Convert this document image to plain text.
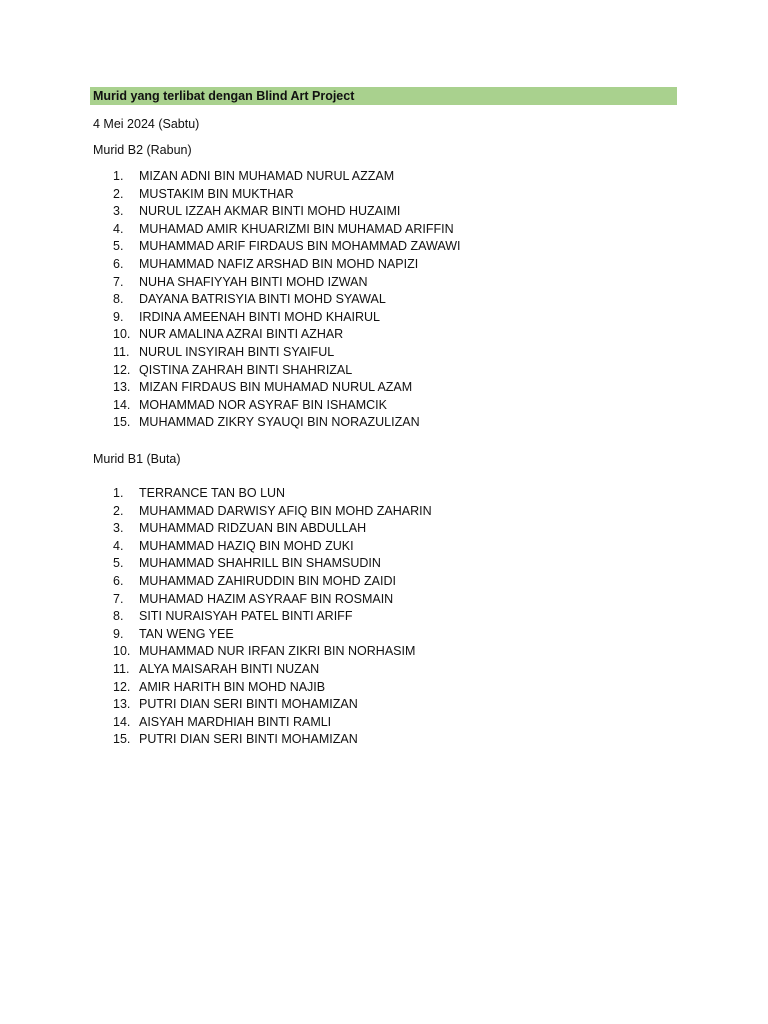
Murid yang terlibat dengan Blind Art Project
4 Mei 2024 (Sabtu)
Murid B2 (Rabun)
1.	MIZAN ADNI BIN MUHAMAD NURUL AZZAM
2.	MUSTAKIM BIN MUKTHAR
3.	NURUL IZZAH AKMAR BINTI MOHD HUZAIMI
4.	MUHAMAD AMIR KHUARIZMI BIN MUHAMAD ARIFFIN
5.	MUHAMMAD ARIF FIRDAUS BIN MOHAMMAD ZAWAWI
6.	MUHAMMAD NAFIZ ARSHAD BIN MOHD NAPIZI
7.	NUHA SHAFIYYAH BINTI MOHD IZWAN
8.	DAYANA BATRISYIA BINTI MOHD SYAWAL
9.	IRDINA AMEENAH BINTI MOHD KHAIRUL
10. NUR AMALINA AZRAI BINTI AZHAR
11. NURUL INSYIRAH BINTI SYAIFUL
12. QISTINA ZAHRAH BINTI SHAHRIZAL
13. MIZAN FIRDAUS BIN MUHAMAD NURUL AZAM
14. MOHAMMAD NOR ASYRAF BIN ISHAMCIK
15. MUHAMMAD ZIKRY SYAUQI BIN NORAZULIZAN
Murid B1 (Buta)
1.	TERRANCE TAN BO LUN
2.	MUHAMMAD DARWISY AFIQ BIN MOHD ZAHARIN
3.	MUHAMMAD RIDZUAN BIN ABDULLAH
4.	MUHAMMAD HAZIQ BIN MOHD ZUKI
5.	MUHAMMAD SHAHRILL BIN SHAMSUDIN
6.	MUHAMMAD ZAHIRUDDIN BIN MOHD ZAIDI
7.	MUHAMAD HAZIM ASYRAAF BIN ROSMAIN
8.	SITI NURAISYAH PATEL BINTI ARIFF
9.	TAN WENG YEE
10. MUHAMMAD NUR IRFAN ZIKRI BIN NORHASIM
11. ALYA MAISARAH BINTI NUZAN
12. AMIR HARITH BIN MOHD NAJIB
13. PUTRI DIAN SERI BINTI MOHAMIZAN
14. AISYAH MARDHIAH BINTI RAMLI
15. PUTRI DIAN SERI BINTI MOHAMIZAN
